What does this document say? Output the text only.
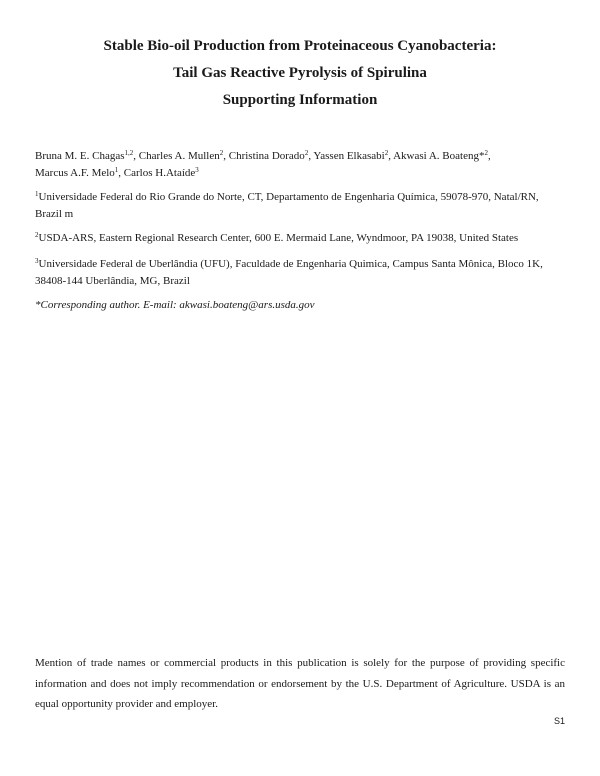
Stable Bio-oil Production from Proteinaceous Cyanobacteria:
Tail Gas Reactive Pyrolysis of Spirulina
Supporting Information

Bruna M. E. Chagas$^{1,2}$, Charles A. Mullen$^2$, Christina Dorado$^2$, Yassen Elkasabi$^2$, Akwasi A. Boateng*$^2$,
Marcus A.F. Melo$^1$, Carlos H.Ataíde$^3$

$^1$Universidade Federal do Rio Grande do Norte, CT, Departamento de Engenharia Química, 59078-970, Natal/RN, Brazil m

$^2$USDA-ARS, Eastern Regional Research Center, 600 E. Mermaid Lane, Wyndmoor, PA 19038, United States

$^3$Universidade Federal de Uberlândia (UFU), Faculdade de Engenharia Quimica, Campus Santa Mônica, Bloco 1K, 38408-144 Uberlândia, MG, Brazil

*Corresponding author. E-mail: akwasi.boateng@ars.usda.gov

Mention of trade names or commercial products in this publication is solely for the purpose of providing specific information and does not imply recommendation or endorsement by the U.S. Department of Agriculture. USDA is an equal opportunity provider and employer.

S1
